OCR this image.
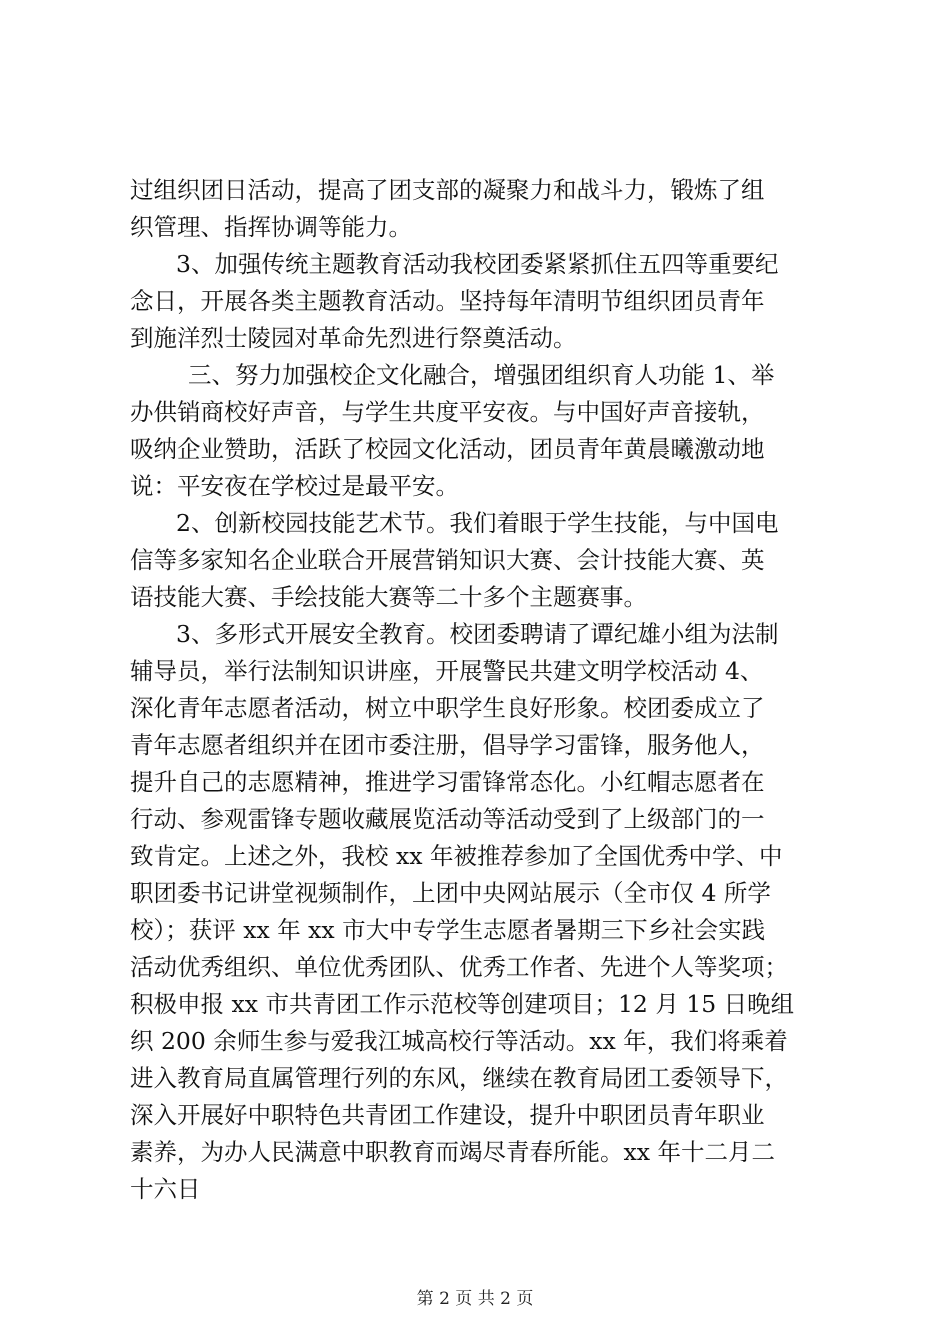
过组织团日活动，提高了团支部的凝聚力和战斗力，锻炼了组
织管理、指挥协调等能力。
3、加强传统主题教育活动我校团委紧紧抓住五四等重要纪
念日，开展各类主题教育活动。坚持每年清明节组织团员青年
到施洋烈士陵园对革命先烈进行祭奠活动。
三、努力加强校企文化融合，增强团组织育人功能 1、举
办供销商校好声音，与学生共度平安夜。与中国好声音接轨，
吸纳企业赞助，活跃了校园文化活动，团员青年黄晨曦激动地
说：平安夜在学校过是最平安。
2、创新校园技能艺术节。我们着眼于学生技能，与中国电
信等多家知名企业联合开展营销知识大赛、会计技能大赛、英
语技能大赛、手绘技能大赛等二十多个主题赛事。
3、多形式开展安全教育。校团委聘请了谭纪雄小组为法制
辅导员，举行法制知识讲座，开展警民共建文明学校活动 4、
深化青年志愿者活动，树立中职学生良好形象。校团委成立了
青年志愿者组织并在团市委注册，倡导学习雷锋，服务他人，
提升自己的志愿精神，推进学习雷锋常态化。小红帽志愿者在
行动、参观雷锋专题收藏展览活动等活动受到了上级部门的一
致肯定。上述之外，我校 xx 年被推荐参加了全国优秀中学、中
职团委书记讲堂视频制作，上团中央网站展示（全市仅 4 所学
校）；获评 xx 年 xx 市大中专学生志愿者暑期三下乡社会实践
活动优秀组织、单位优秀团队、优秀工作者、先进个人等奖项；
积极申报 xx 市共青团工作示范校等创建项目；12 月 15 日晚组
织 200 余师生参与爱我江城高校行等活动。xx 年，我们将乘着
进入教育局直属管理行列的东风，继续在教育局团工委领导下，
深入开展好中职特色共青团工作建设，提升中职团员青年职业
素养，为办人民满意中职教育而竭尽青春所能。xx 年十二月二
十六日
第 2 页 共 2 页
